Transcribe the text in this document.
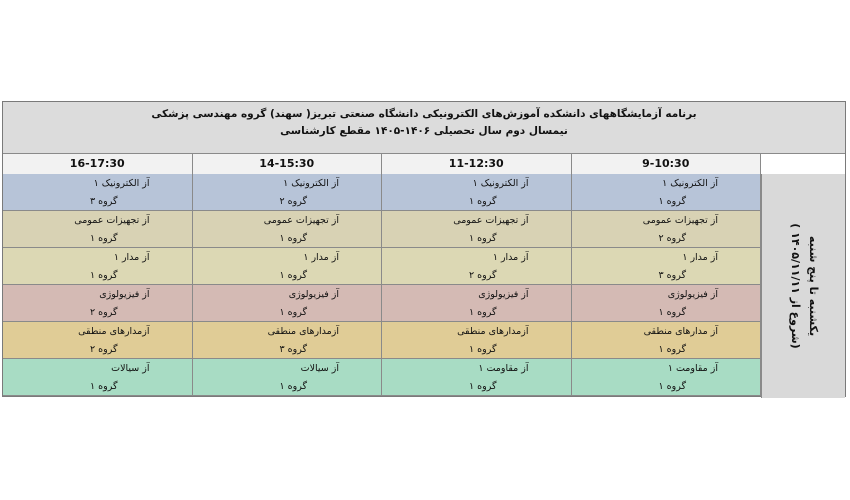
برنامه آزمایشگاههای دانشکده آموزش‌های الکترونیکی دانشگاه صنعتی تبریز( سهند) گروه مهندسی پزشکی
نیمسال دوم سال تحصیلی ۱۴۰۶-۱۴۰۵ مقطع کارشناسی
9-10:30
11-12:30
14-15:30
16-17:30
آز الکترونیک ۱
گروه ۱
آز الکترونیک ۱
گروه ۱
آز الکترونیک ۱
گروه ۲
آز الکترونیک ۱
گروه ۳
آز تجهیزات عمومی
گروه ۲
آز تجهیزات عمومی
گروه ۱
آز تجهیزات عمومی
گروه ۱
آز تجهیزات عمومی
گروه ۱
آز مدار ۱
گروه ۳
آز مدار ۱
گروه ۲
آز مدار ۱
گروه ۱
آز مدار ۱
گروه ۱
آز فیزیولوژی
گروه ۱
آز فیزیولوژی
گروه ۱
آز فیزیولوژی
گروه ۱
آز فیزیولوژی
گروه ۲
آز مدارهای منطقی
گروه ۱
آزمدارهای منطقی
گروه ۱
آزمدارهای منطقی
گروه ۳
آزمدارهای منطقی
گروه ۲
آز مقاومت ۱
گروه ۱
آز مقاومت ۱
گروه ۱
آز سیالات
گروه ۱
آز سیالات
گروه ۱
یکشنبه تا پنج شنبه
(شروع از ۱۴۰۵/۱۱/۱۱ )
